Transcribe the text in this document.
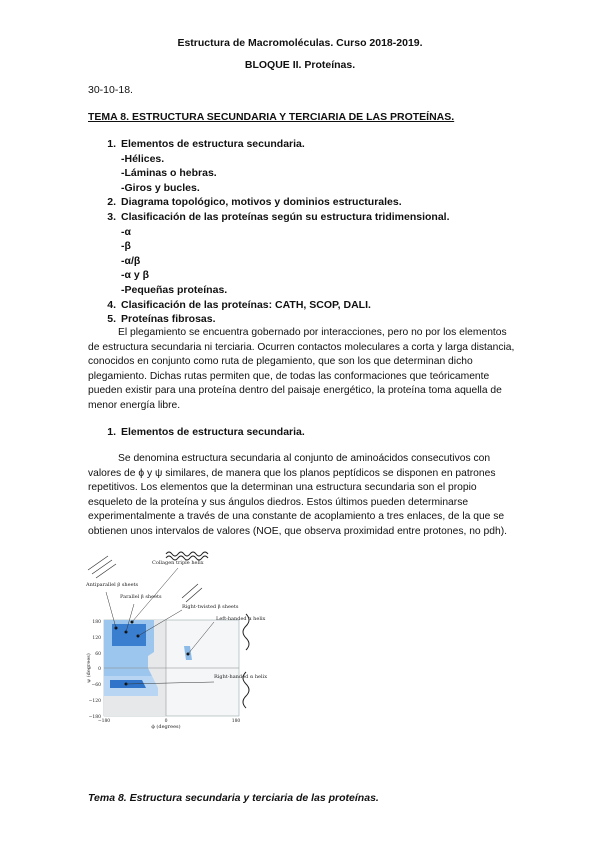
Estructura de Macromoléculas. Curso 2018-2019.
BLOQUE II. Proteínas.
30-10-18.
TEMA 8. ESTRUCTURA SECUNDARIA Y TERCIARIA DE LAS PROTEÍNAS.
1. Elementos de estructura secundaria.
-Hélices.
-Láminas o hebras.
-Giros y bucles.
2. Diagrama topológico, motivos y dominios estructurales.
3. Clasificación de las proteínas según su estructura tridimensional.
-α
-β
-α/β
-α y β
-Pequeñas proteínas.
4. Clasificación de las proteínas: CATH, SCOP, DALI.
5. Proteínas fibrosas.
El plegamiento se encuentra gobernado por interacciones, pero no por los elementos de estructura secundaria ni terciaria. Ocurren contactos moleculares a corta y larga distancia, conocidos en conjunto como ruta de plegamiento, que son los que determinan dicho plegamiento. Dichas rutas permiten que, de todas las conformaciones que teóricamente pueden existir para una proteína dentro del paisaje energético, la proteína toma aquella de menor energía libre.
1. Elementos de estructura secundaria.
Se denomina estructura secundaria al conjunto de aminoácidos consecutivos con valores de ϕ y ψ similares, de manera que los planos peptídicos se disponen en patrones repetitivos. Los elementos que la determinan una estructura secundaria son el propio esqueleto de la proteína y sus ángulos diedros. Estos últimos pueden determinarse experimentalmente a través de una constante de acoplamiento a tres enlaces, de la que se obtienen unos intervalos de valores (NOE, que observa proximidad entre protones, no pdh).
Collagen triple helix
Antiparallel β sheets
Parallel β sheets
Right-twisted β sheets
Left-handed α helix
Right-handed α helix
180
120
60
0
−60
−120
−180
−180	0	180
ϕ (degrees)
ψ (degrees)
Tema 8. Estructura secundaria y terciaria de las proteínas.
